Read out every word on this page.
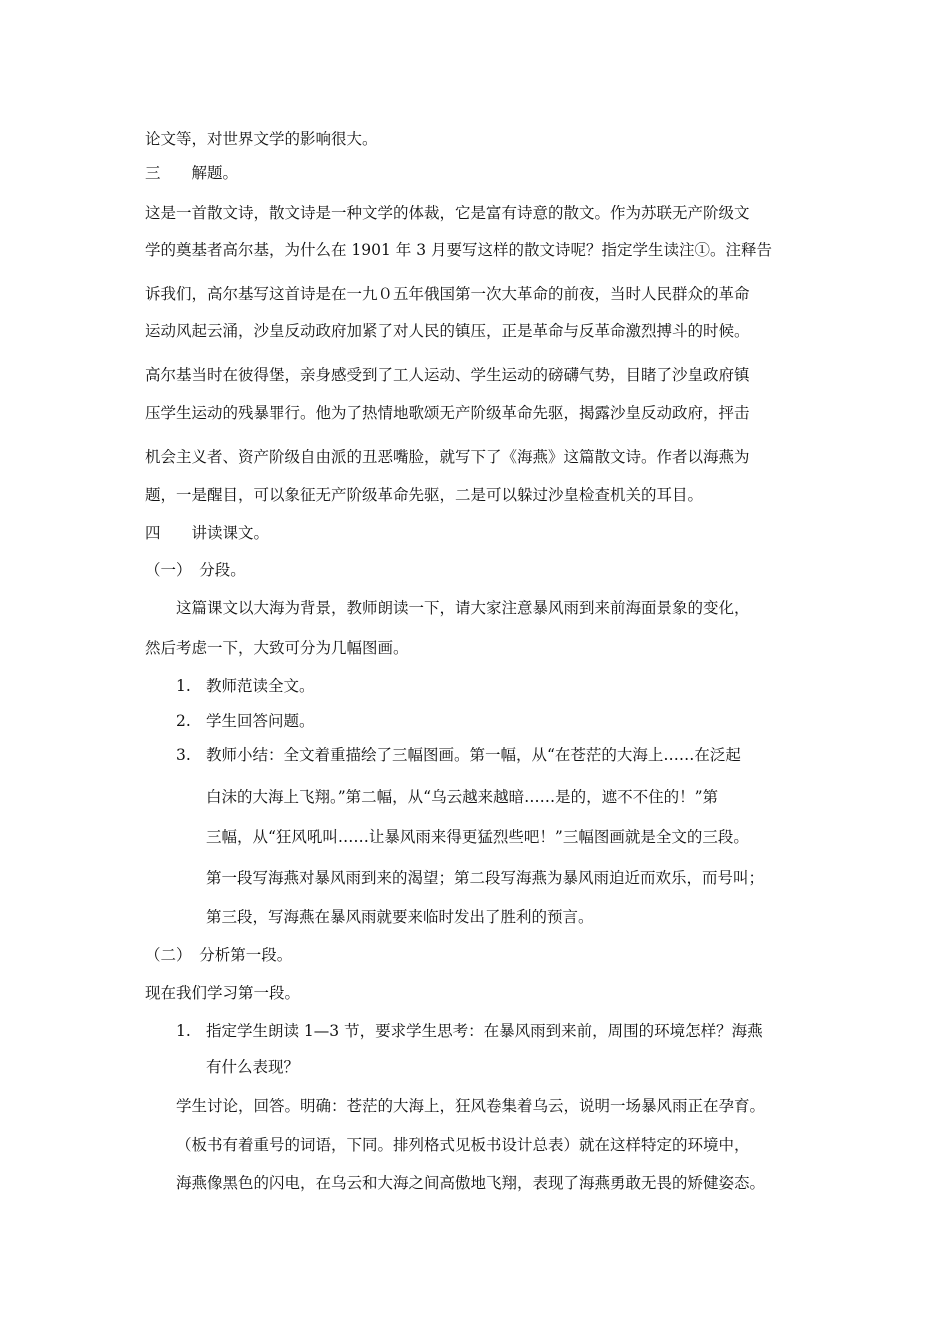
论文等，对世界文学的影响很大。
三　　解题。
这是一首散文诗，散文诗是一种文学的体裁，它是富有诗意的散文。作为苏联无产阶级文
学的奠基者高尔基，为什么在 1901 年 3 月要写这样的散文诗呢？指定学生读注①。注释告
诉我们，高尔基写这首诗是在一九０五年俄国第一次大革命的前夜，当时人民群众的革命
运动风起云涌，沙皇反动政府加紧了对人民的镇压，正是革命与反革命激烈搏斗的时候。
高尔基当时在彼得堡，亲身感受到了工人运动、学生运动的磅礴气势，目睹了沙皇政府镇
压学生运动的残暴罪行。他为了热情地歌颂无产阶级革命先驱，揭露沙皇反动政府，抨击
机会主义者、资产阶级自由派的丑恶嘴脸，就写下了《海燕》这篇散文诗。作者以海燕为
题，一是醒目，可以象征无产阶级革命先驱，二是可以躲过沙皇检查机关的耳目。
四　　讲读课文。
（一）　分段。
这篇课文以大海为背景，教师朗读一下，请大家注意暴风雨到来前海面景象的变化，
然后考虑一下，大致可分为几幅图画。
1. 教师范读全文。
2. 学生回答问题。
3. 教师小结：全文着重描绘了三幅图画。第一幅，从“在苍茫的大海上……在泛起
白沫的大海上飞翔。”第二幅，从“乌云越来越暗……是的，遮不不住的！”第
三幅，从“狂风吼叫……让暴风雨来得更猛烈些吧！”三幅图画就是全文的三段。
第一段写海燕对暴风雨到来的渴望；第二段写海燕为暴风雨迫近而欢乐，而号叫；
第三段，写海燕在暴风雨就要来临时发出了胜利的预言。
（二）　分析第一段。
现在我们学习第一段。
1. 指定学生朗读 1—3 节，要求学生思考：在暴风雨到来前，周围的环境怎样？海燕
有什么表现？
学生讨论，回答。明确：苍茫的大海上，狂风卷集着乌云，说明一场暴风雨正在孕育。
（板书有着重号的词语，下同。排列格式见板书设计总表）就在这样特定的环境中，
海燕像黑色的闪电，在乌云和大海之间高傲地飞翔，表现了海燕勇敢无畏的矫健姿态。
